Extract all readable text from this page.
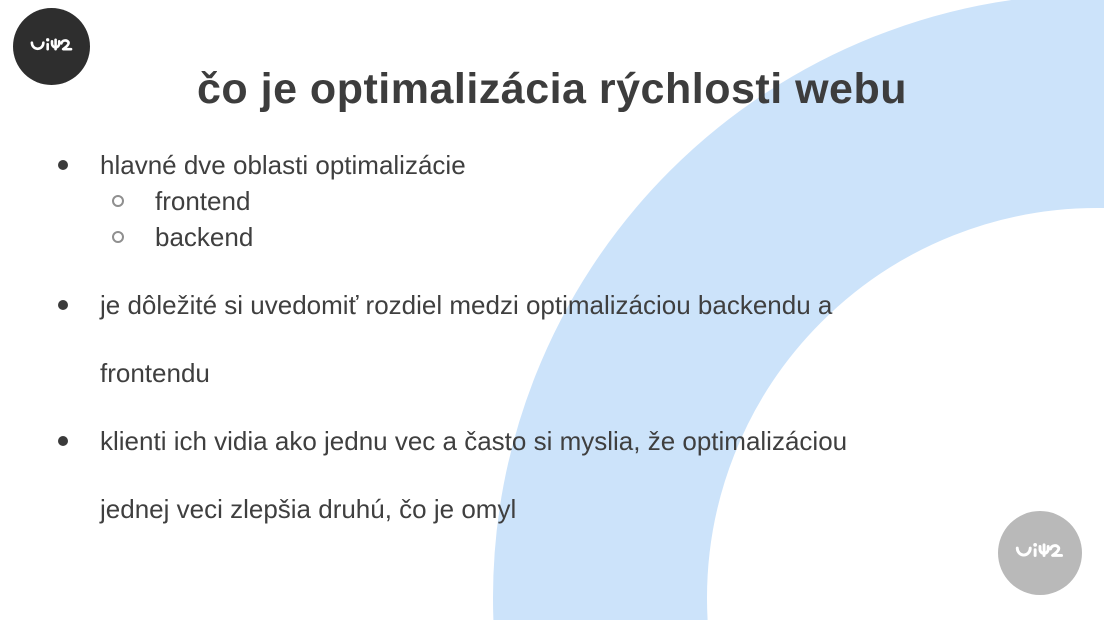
čo je optimalizácia rýchlosti webu
hlavné dve oblasti optimalizácie
frontend
backend
je dôležité si uvedomiť rozdiel medzi optimalizáciou backendu a
frontendu
klienti ich vidia ako jednu vec a často si myslia, že optimalizáciou
jednej veci zlepšia druhú, čo je omyl
